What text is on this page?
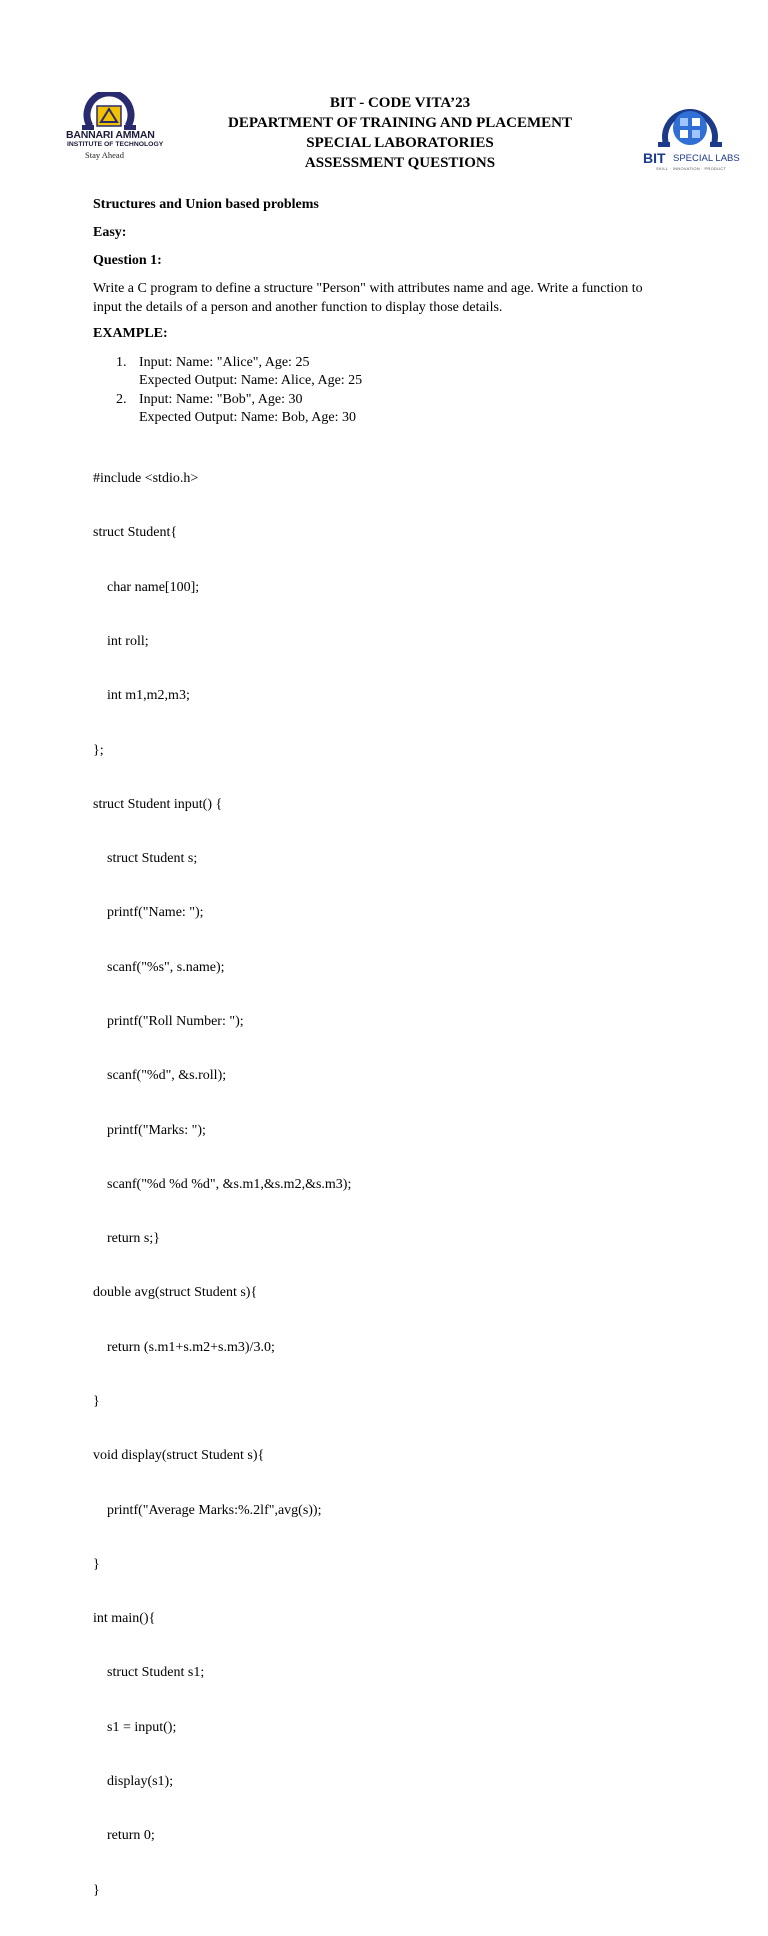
BANNARI AMMAN
INSTITUTE OF TECHNOLOGY
Stay Ahead	BIT SPECIAL LABS
SKILL · INNOVATION · PRODUCT
BIT - CODE VITA’23
DEPARTMENT OF TRAINING AND PLACEMENT
SPECIAL LABORATORIES
ASSESSMENT QUESTIONS
Structures and Union based problems
Easy:
Question 1:
Write a C program to define a structure "Person" with attributes name and age. Write a function to input the details of a person and another function to display those details.
EXAMPLE:
1. Input: Name: "Alice", Age: 25
Expected Output: Name: Alice, Age: 25
2. Input: Name: "Bob", Age: 30
Expected Output: Name: Bob, Age: 30

#include <stdio.h>

struct Student{

char name[100];

int roll;

int m1,m2,m3;

};

struct Student input() {

struct Student s;

printf("Name: ");

scanf("%s", s.name);

printf("Roll Number: ");

scanf("%d", &s.roll);

printf("Marks: ");

scanf("%d %d %d", &s.m1,&s.m2,&s.m3);

return s;}

double avg(struct Student s){

return (s.m1+s.m2+s.m3)/3.0;

}

void display(struct Student s){

printf("Average Marks:%.2lf",avg(s));

}

int main(){

struct Student s1;

s1 = input();

display(s1);

return 0;

}
